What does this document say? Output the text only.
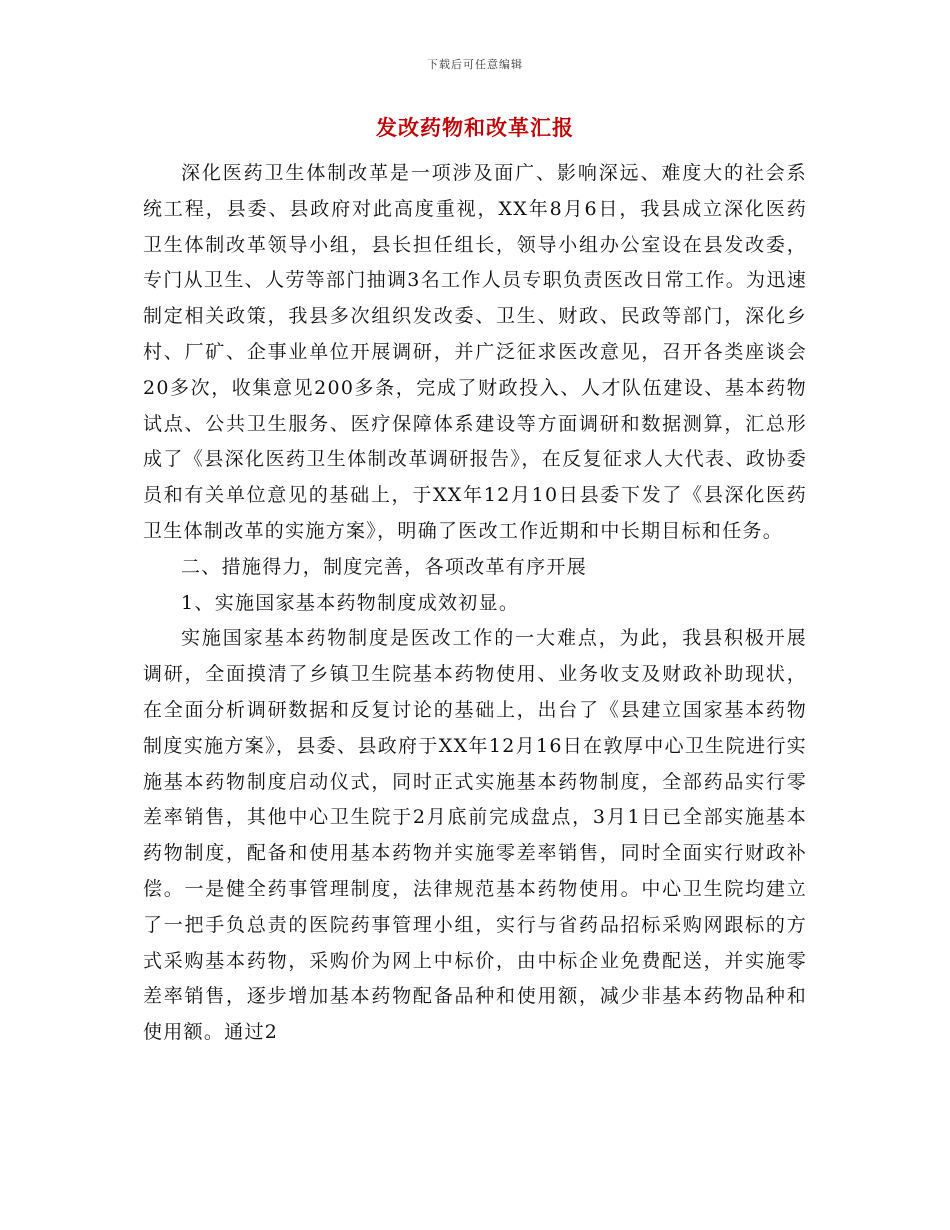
下载后可任意编辑
发改药物和改革汇报

深化医药卫生体制改革是一项涉及面广、影响深远、难度大的社会系统工程，县委、县政府对此高度重视，XX年8月6日，我县成立深化医药卫生体制改革领导小组，县长担任组长，领导小组办公室设在县发改委，专门从卫生、人劳等部门抽调3名工作人员专职负责医改日常工作。为迅速制定相关政策，我县多次组织发改委、卫生、财政、民政等部门，深化乡村、厂矿、企事业单位开展调研，并广泛征求医改意见，召开各类座谈会20多次，收集意见200多条，完成了财政投入、人才队伍建设、基本药物试点、公共卫生服务、医疗保障体系建设等方面调研和数据测算，汇总形成了《县深化医药卫生体制改革调研报告》，在反复征求人大代表、政协委员和有关单位意见的基础上，于XX年12月10日县委下发了《县深化医药卫生体制改革的实施方案》，明确了医改工作近期和中长期目标和任务。

二、措施得力，制度完善，各项改革有序开展

1、实施国家基本药物制度成效初显。

实施国家基本药物制度是医改工作的一大难点，为此，我县积极开展调研，全面摸清了乡镇卫生院基本药物使用、业务收支及财政补助现状，在全面分析调研数据和反复讨论的基础上，出台了《县建立国家基本药物制度实施方案》，县委、县政府于XX年12月16日在敦厚中心卫生院进行实施基本药物制度启动仪式，同时正式实施基本药物制度，全部药品实行零差率销售，其他中心卫生院于2月底前完成盘点，3月1日已全部实施基本药物制度，配备和使用基本药物并实施零差率销售，同时全面实行财政补偿。一是健全药事管理制度，法律规范基本药物使用。中心卫生院均建立了一把手负总责的医院药事管理小组，实行与省药品招标采购网跟标的方式采购基本药物，采购价为网上中标价，由中标企业免费配送，并实施零差率销售，逐步增加基本药物配备品种和使用额，减少非基本药物品种和使用额。通过2
